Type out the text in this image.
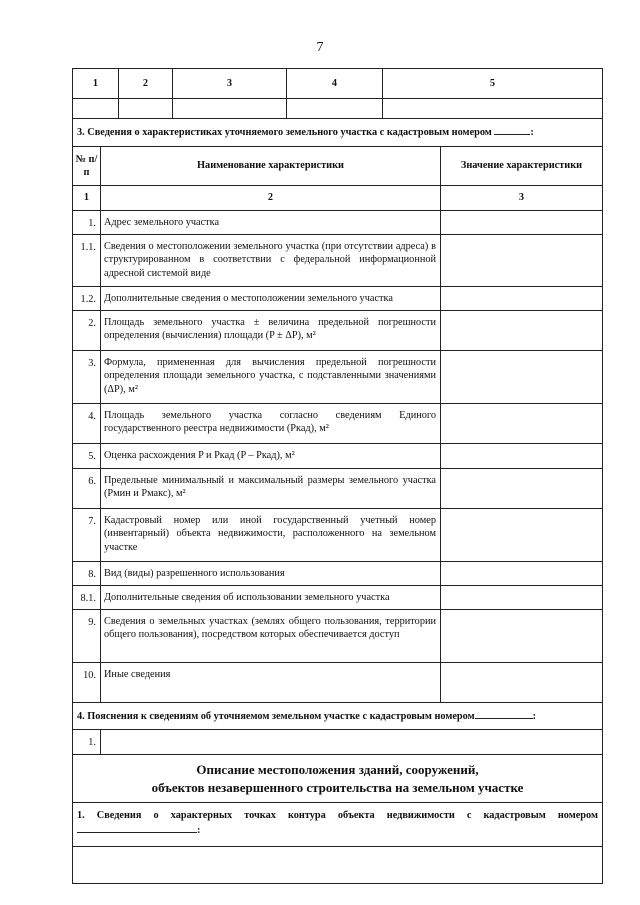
7
1	2	3	4	5

3. Сведения о характеристиках уточняемого земельного участка с кадастровым номером :		
№ п/п	Наименование характеристики	Значение характеристики
1	2	3
1.	Адрес земельного участка	
1.1.	Сведения о местоположении земельного участка (при отсутствии адреса) в структурированном в соответствии с федеральной информационной адресной системой виде	
1.2.	Дополнительные сведения о местоположении земельного участка	
2.	Площадь земельного участка ± величина предельной погрешности определения (вычисления) площади (P ± ΔP), м²	
3.	Формула, примененная для вычисления предельной погрешности определения площади земельного участка, с подставленными значениями (ΔP), м²	
4.	Площадь земельного участка согласно сведениям Единого государственного реестра недвижимости (Pкад), м²	
5.	Оценка расхождения P и Pкад (P – Pкад), м²	
6.	Предельные минимальный и максимальный размеры земельного участка (Pмин и Pмакс), м²	
7.	Кадастровый номер или иной государственный учетный номер (инвентарный) объекта недвижимости, расположенного на земельном участке	
8.	Вид (виды) разрешенного использования	
8.1.	Дополнительные сведения об использовании земельного участка	
9.	Сведения о земельных участках (землях общего пользования, территории общего пользования), посредством которых обеспечивается доступ	
10.	Иные сведения	
4. Пояснения к сведениям об уточняемом земельном участке с кадастровым номером :		
1.		

Описание местоположения зданий, сооружений,
объектов незавершенного строительства на земельном участке		

1. Сведения о характерных точках контура объекта недвижимости с кадастровым номером:		
